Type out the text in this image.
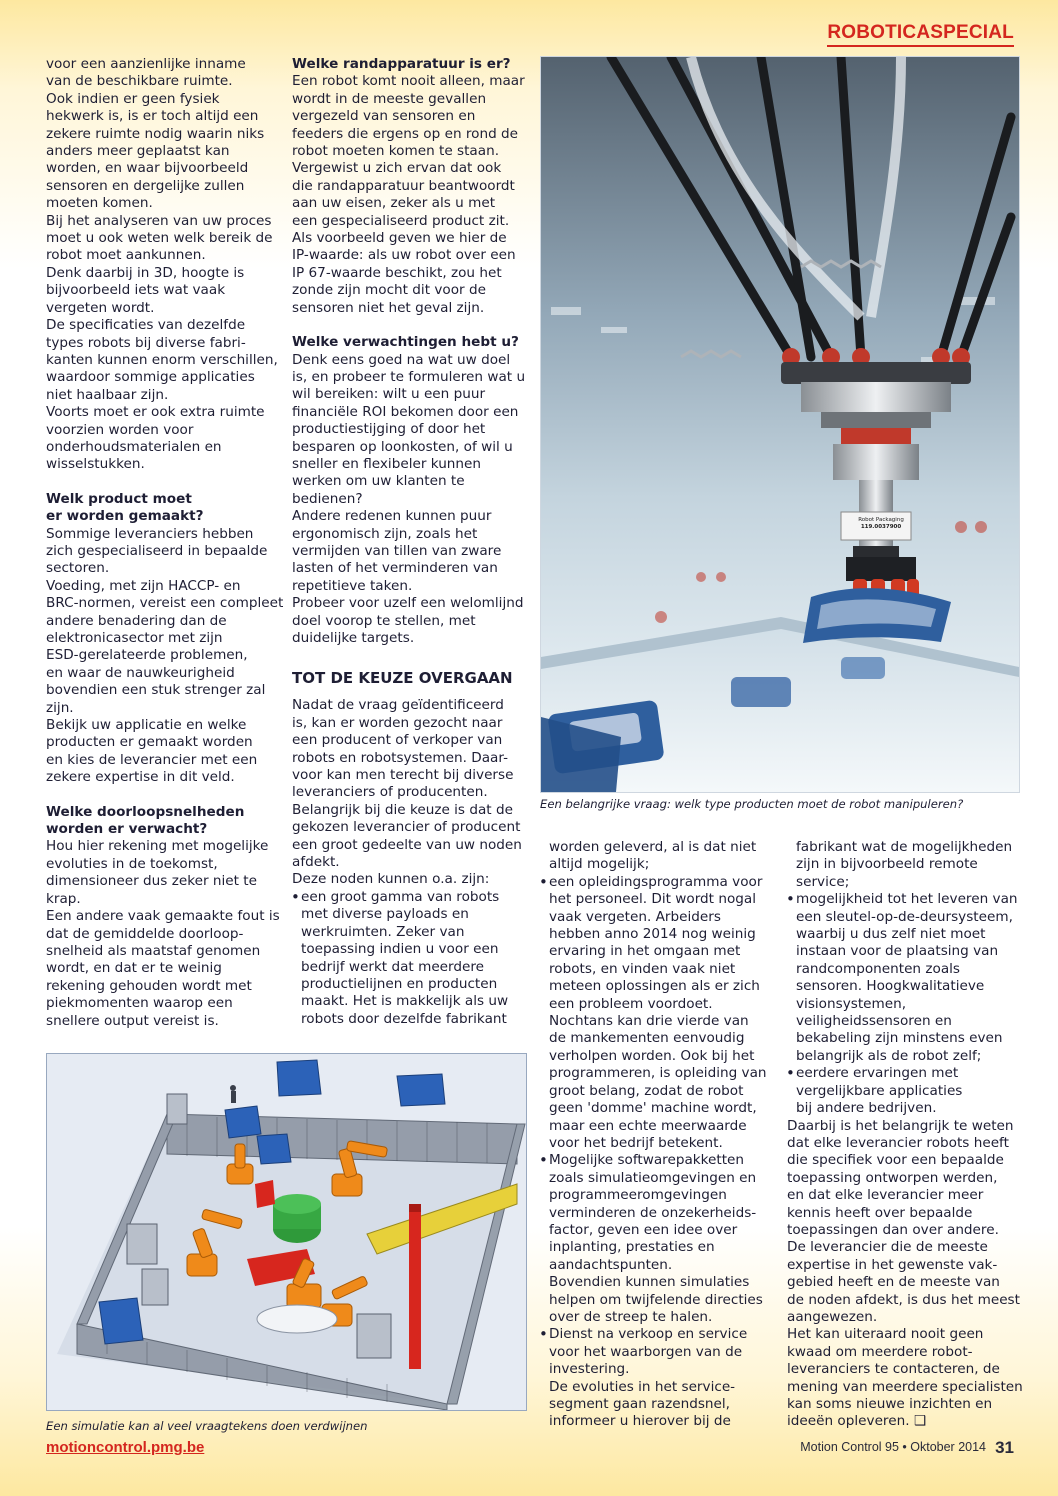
ROBOTICASPECIAL
voor een aanzienlijke inname
van de beschikbare ruimte.
Ook indien er geen fysiek
hekwerk is, is er toch altijd een
zekere ruimte nodig waarin niks
anders meer geplaatst kan
worden, en waar bijvoorbeeld
sensoren en dergelijke zullen
moeten komen.
Bij het analyseren van uw proces
moet u ook weten welk bereik de
robot moet aankunnen.
Denk daarbij in 3D, hoogte is
bijvoorbeeld iets wat vaak
vergeten wordt.
De specificaties van dezelfde
types robots bij diverse fabri-
kanten kunnen enorm verschillen,
waardoor sommige applicaties
niet haalbaar zijn.
Voorts moet er ook extra ruimte
voorzien worden voor
onderhoudsmaterialen en
wisselstukken.
Welk product moet
er worden gemaakt?
Sommige leveranciers hebben
zich gespecialiseerd in bepaalde
sectoren.
Voeding, met zijn HACCP- en
BRC-normen, vereist een compleet
andere benadering dan de
elektronicasector met zijn
ESD-gerelateerde problemen,
en waar de nauwkeurigheid
bovendien een stuk strenger zal
zijn.
Bekijk uw applicatie en welke
producten er gemaakt worden
en kies de leverancier met een
zekere expertise in dit veld.
Welke doorloopsnelheden
worden er verwacht?
Hou hier rekening met mogelijke
evoluties in de toekomst,
dimensioneer dus zeker niet te
krap.
Een andere vaak gemaakte fout is
dat de gemiddelde doorloop-
snelheid als maatstaf genomen
wordt, en dat er te weinig
rekening gehouden wordt met
piekmomenten waarop een
snellere output vereist is.
Welke randapparatuur is er?
Een robot komt nooit alleen, maar
wordt in de meeste gevallen
vergezeld van sensoren en
feeders die ergens op en rond de
robot moeten komen te staan.
Vergewist u zich ervan dat ook
die randapparatuur beantwoordt
aan uw eisen, zeker als u met
een gespecialiseerd product zit.
Als voorbeeld geven we hier de
IP-waarde: als uw robot over een
IP 67-waarde beschikt, zou het
zonde zijn mocht dit voor de
sensoren niet het geval zijn.
Welke verwachtingen hebt u?
Denk eens goed na wat uw doel
is, en probeer te formuleren wat u
wil bereiken: wilt u een puur
financiële ROI bekomen door een
productiestijging of door het
besparen op loonkosten, of wil u
sneller en flexibeler kunnen
werken om uw klanten te
bedienen?
Andere redenen kunnen puur
ergonomisch zijn, zoals het
vermijden van tillen van zware
lasten of het verminderen van
repetitieve taken.
Probeer voor uzelf een welomlijnd
doel voorop te stellen, met
duidelijke targets.
TOT DE KEUZE OVERGAAN
Nadat de vraag geïdentificeerd
is, kan er worden gezocht naar
een producent of verkoper van
robots en robotsystemen. Daar-
voor kan men terecht bij diverse
leveranciers of producenten.
Belangrijk bij die keuze is dat de
gekozen leverancier of producent
een groot gedeelte van uw noden
afdekt.
Deze noden kunnen o.a. zijn:
• een groot gamma van robots
met diverse payloads en
werkruimten. Zeker van
toepassing indien u voor een
bedrijf werkt dat meerdere
productielijnen en producten
maakt. Het is makkelijk als uw
robots door dezelfde fabrikant
Robot Packaging
119.0037900
Een belangrijke vraag: welk type producten moet de robot manipuleren?
worden geleverd, al is dat niet
altijd mogelijk;
• een opleidingsprogramma voor
het personeel. Dit wordt nogal
vaak vergeten. Arbeiders
hebben anno 2014 nog weinig
ervaring in het omgaan met
robots, en vinden vaak niet
meteen oplossingen als er zich
een probleem voordoet.
Nochtans kan drie vierde van
de mankementen eenvoudig
verholpen worden. Ook bij het
programmeren, is opleiding van
groot belang, zodat de robot
geen 'domme' machine wordt,
maar een echte meerwaarde
voor het bedrijf betekent.
• Mogelijke softwarepakketten
zoals simulatieomgevingen en
programmeeromgevingen
verminderen de onzekerheids-
factor, geven een idee over
inplanting, prestaties en
aandachtspunten.
Bovendien kunnen simulaties
helpen om twijfelende directies
over de streep te halen.
• Dienst na verkoop en service
voor het waarborgen van de
investering.
De evoluties in het service-
segment gaan razendsnel,
informeer u hierover bij de
fabrikant wat de mogelijkheden
zijn in bijvoorbeeld remote
service;
• mogelijkheid tot het leveren van
een sleutel-op-de-deursysteem,
waarbij u dus zelf niet moet
instaan voor de plaatsing van
randcomponenten zoals
sensoren. Hoogkwalitatieve
visionsystemen,
veiligheidssensoren en
bekabeling zijn minstens even
belangrijk als de robot zelf;
• eerdere ervaringen met
vergelijkbare applicaties
bij andere bedrijven.
Daarbij is het belangrijk te weten
dat elke leverancier robots heeft
die specifiek voor een bepaalde
toepassing ontworpen werden,
en dat elke leverancier meer
kennis heeft over bepaalde
toepassingen dan over andere.
De leverancier die de meeste
expertise in het gewenste vak-
gebied heeft en de meeste van
de noden afdekt, is dus het meest
aangewezen.
Het kan uiteraard nooit geen
kwaad om meerdere robot-
leveranciers te contacteren, de
mening van meerdere specialisten
kan soms nieuwe inzichten en
ideeën opleveren. ❑
Een simulatie kan al veel vraagtekens doen verdwijnen
motioncontrol.pmg.be	Motion Control 95 • Oktober 2014 31
